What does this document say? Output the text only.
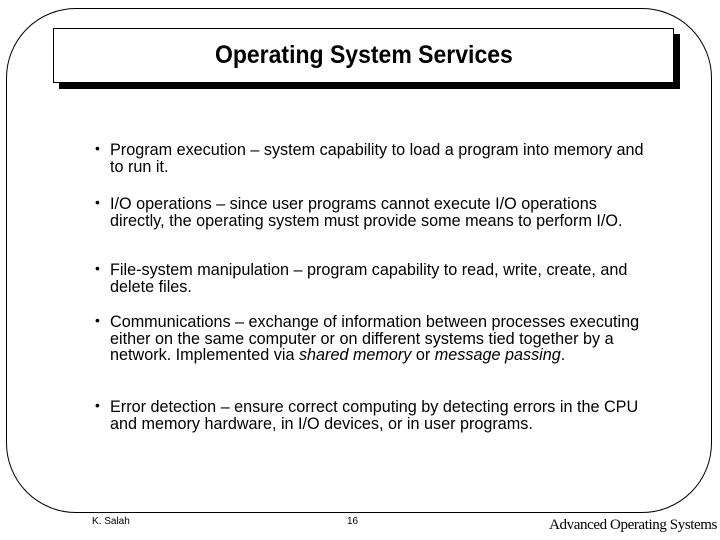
Operating System Services
• Program execution – system capability to load a program into memory and to run it.
• I/O operations – since user programs cannot execute I/O operations directly, the operating system must provide some means to perform I/O.
• File-system manipulation – program capability to read, write, create, and delete files.
• Communications – exchange of information between processes executing either on the same computer or on different systems tied together by a network. Implemented via shared memory or message passing.
• Error detection – ensure correct computing by detecting errors in the CPU and memory hardware, in I/O devices, or in user programs.
K. Salah	16	Advanced Operating Systems
